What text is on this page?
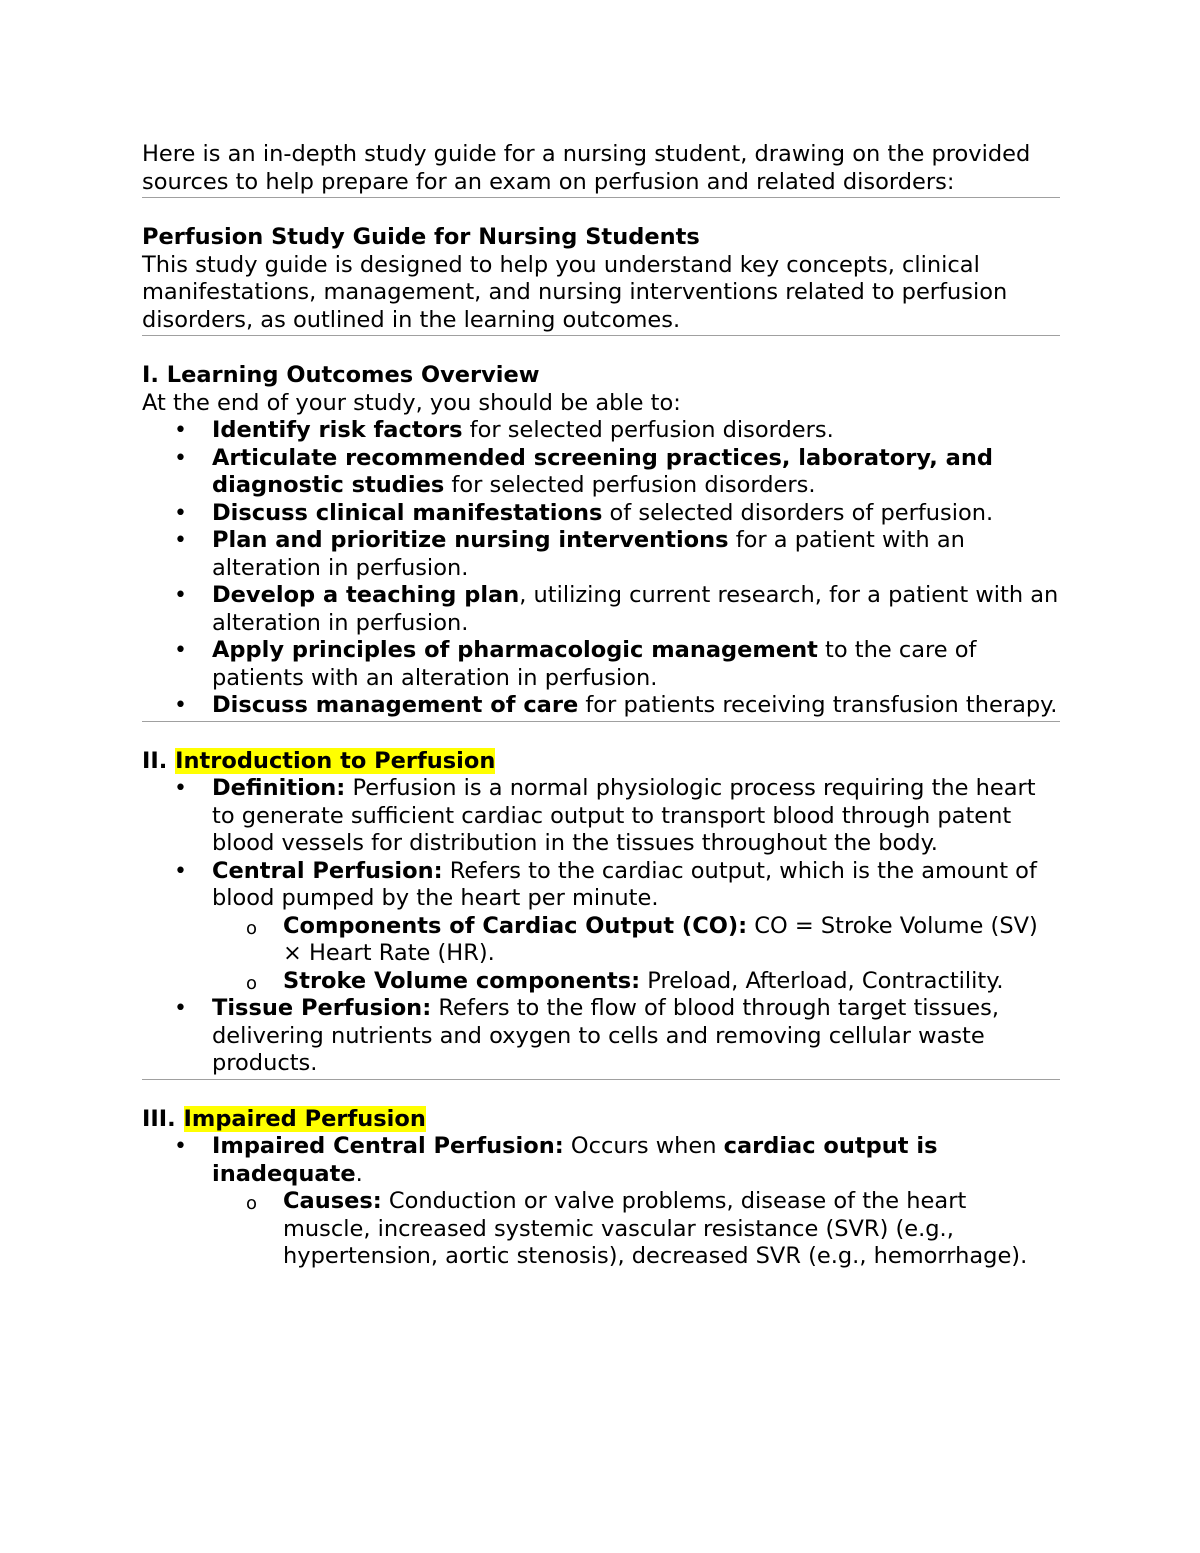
Here is an in-depth study guide for a nursing student, drawing on the provided sources to help prepare for an exam on perfusion and related disorders:

Perfusion Study Guide for Nursing Students

This study guide is designed to help you understand key concepts, clinical manifestations, management, and nursing interventions related to perfusion disorders, as outlined in the learning outcomes.

I. Learning Outcomes Overview

At the end of your study, you should be able to:

• Identify risk factors for selected perfusion disorders.
• Articulate recommended screening practices, laboratory, and diagnostic studies for selected perfusion disorders.
• Discuss clinical manifestations of selected disorders of perfusion.
• Plan and prioritize nursing interventions for a patient with an alteration in perfusion.
• Develop a teaching plan, utilizing current research, for a patient with an alteration in perfusion.
• Apply principles of pharmacologic management to the care of patients with an alteration in perfusion.
• Discuss management of care for patients receiving transfusion therapy.

II. Introduction to Perfusion

• Definition: Perfusion is a normal physiologic process requiring the heart to generate sufficient cardiac output to transport blood through patent blood vessels for distribution in the tissues throughout the body.
• Central Perfusion: Refers to the cardiac output, which is the amount of blood pumped by the heart per minute.
o Components of Cardiac Output (CO): CO = Stroke Volume (SV) × Heart Rate (HR).
o Stroke Volume components: Preload, Afterload, Contractility.
• Tissue Perfusion: Refers to the flow of blood through target tissues, delivering nutrients and oxygen to cells and removing cellular waste products.

III. Impaired Perfusion

• Impaired Central Perfusion: Occurs when cardiac output is inadequate.
o Causes: Conduction or valve problems, disease of the heart muscle, increased systemic vascular resistance (SVR) (e.g., hypertension, aortic stenosis), decreased SVR (e.g., hemorrhage).
